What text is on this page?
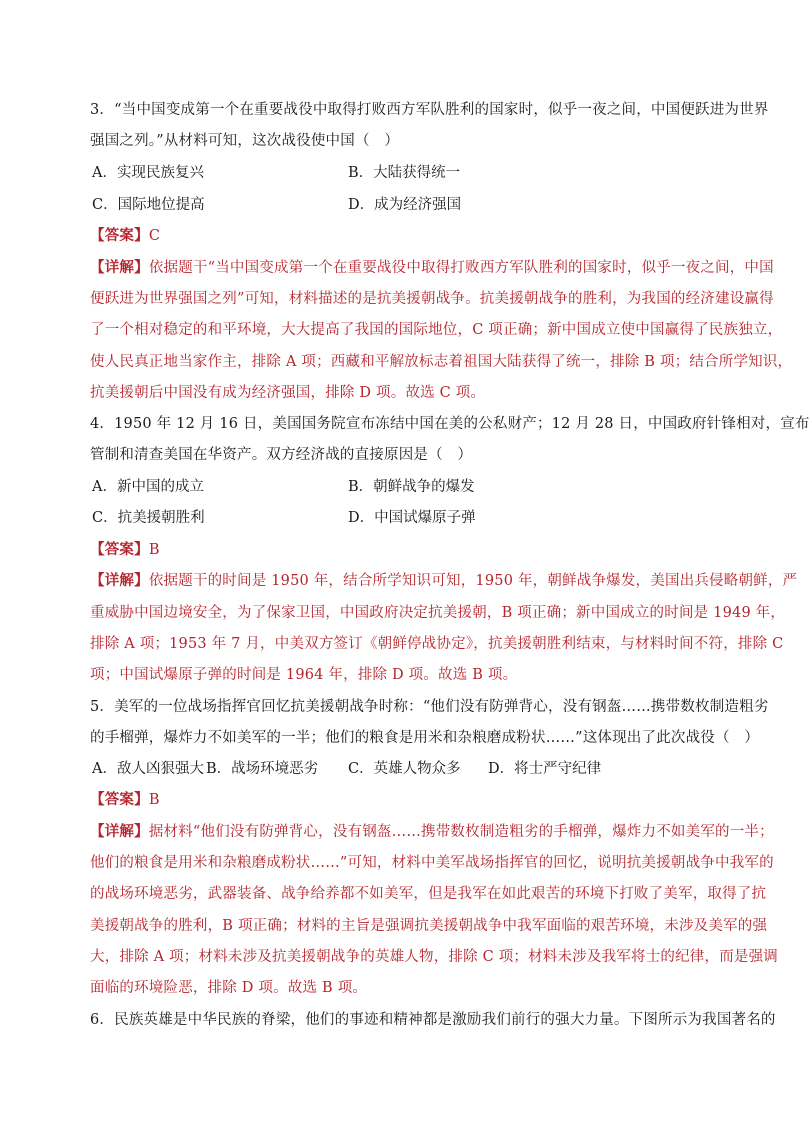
3．“当中国变成第一个在重要战役中取得打败西方军队胜利的国家时，似乎一夜之间，中国便跃进为世界
强国之列。”从材料可知，这次战役使中国（　）
A．实现民族复兴	B．大陆获得统一
C．国际地位提高	D．成为经济强国
【答案】C
【详解】依据题干“当中国变成第一个在重要战役中取得打败西方军队胜利的国家时，似乎一夜之间，中国
便跃进为世界强国之列”可知，材料描述的是抗美援朝战争。抗美援朝战争的胜利，为我国的经济建设赢得
了一个相对稳定的和平环境，大大提高了我国的国际地位，C 项正确；新中国成立使中国赢得了民族独立，
使人民真正地当家作主，排除 A 项；西藏和平解放标志着祖国大陆获得了统一，排除 B 项；结合所学知识，
抗美援朝后中国没有成为经济强国，排除 D 项。故选 C 项。
4．1950 年 12 月 16 日，美国国务院宣布冻结中国在美的公私财产；12 月 28 日，中国政府针锋相对，宣布
管制和清查美国在华资产。双方经济战的直接原因是（　）
A．新中国的成立	B．朝鲜战争的爆发
C．抗美援朝胜利	D．中国试爆原子弹
【答案】B
【详解】依据题干的时间是 1950 年，结合所学知识可知，1950 年，朝鲜战争爆发，美国出兵侵略朝鲜，严
重威胁中国边境安全，为了保家卫国，中国政府决定抗美援朝，B 项正确；新中国成立的时间是 1949 年，
排除 A 项；1953 年 7 月，中美双方签订《朝鲜停战协定》，抗美援朝胜利结束，与材料时间不符，排除 C
项；中国试爆原子弹的时间是 1964 年，排除 D 项。故选 B 项。
5．美军的一位战场指挥官回忆抗美援朝战争时称：“他们没有防弹背心，没有钢盔……携带数枚制造粗劣
的手榴弹，爆炸力不如美军的一半；他们的粮食是用米和杂粮磨成粉状……”这体现出了此次战役（　）
A．敌人凶狠强大 B．战场环境恶劣 C．英雄人物众多 D．将士严守纪律
【答案】B
【详解】据材料“他们没有防弹背心，没有钢盔……携带数枚制造粗劣的手榴弹，爆炸力不如美军的一半；
他们的粮食是用米和杂粮磨成粉状……”可知，材料中美军战场指挥官的回忆，说明抗美援朝战争中我军的
的战场环境恶劣，武器装备、战争给养都不如美军，但是我军在如此艰苦的环境下打败了美军，取得了抗
美援朝战争的胜利，B 项正确；材料的主旨是强调抗美援朝战争中我军面临的艰苦环境，未涉及美军的强
大，排除 A 项；材料未涉及抗美援朝战争的英雄人物，排除 C 项；材料未涉及我军将士的纪律，而是强调
面临的环境险恶，排除 D 项。故选 B 项。
6．民族英雄是中华民族的脊梁，他们的事迹和精神都是激励我们前行的强大力量。下图所示为我国著名的
